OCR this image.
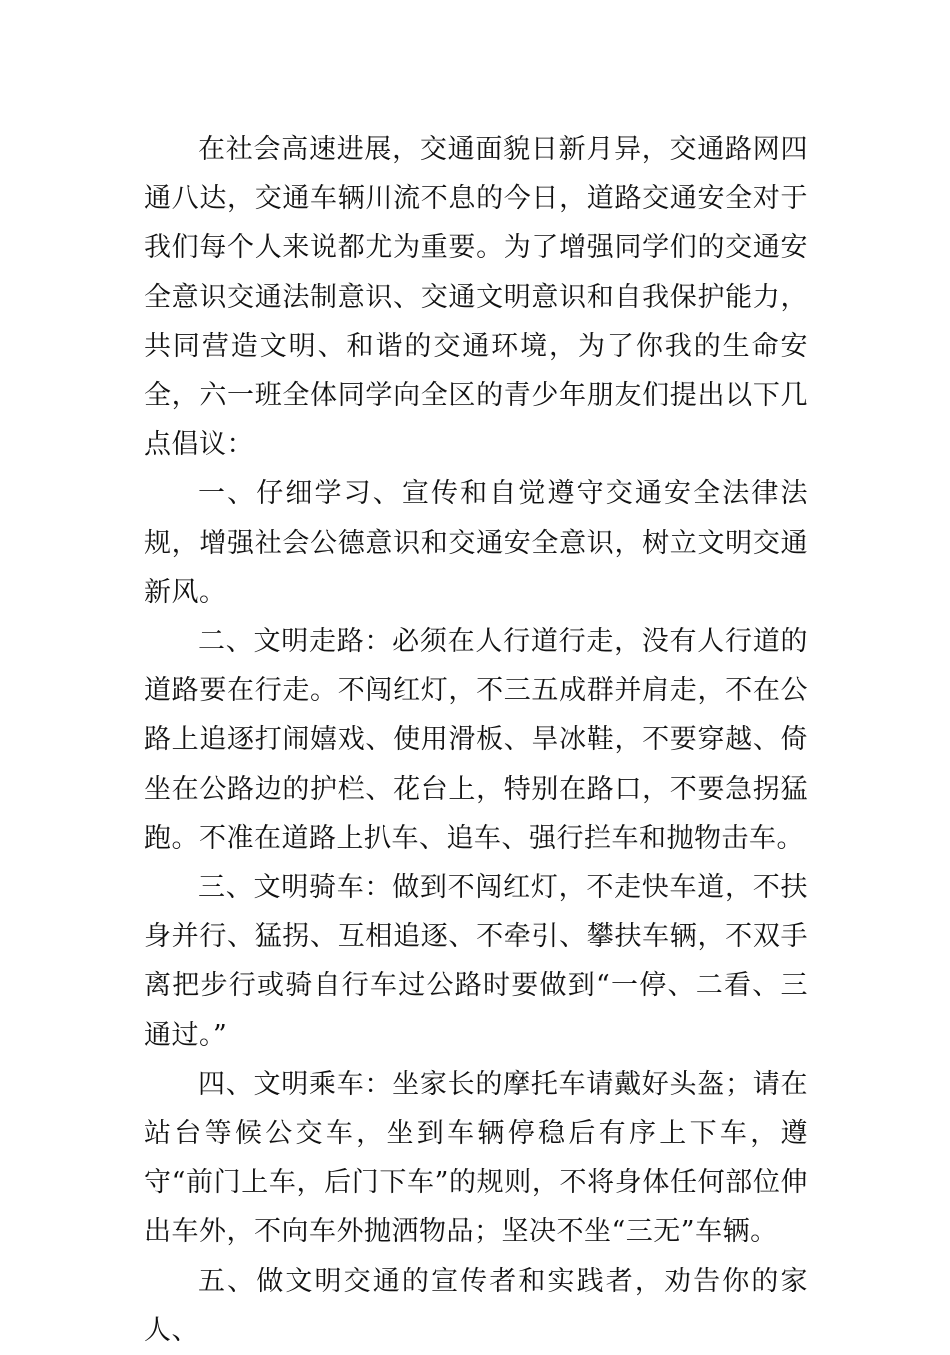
在社会高速进展，交通面貌日新月异，交通路网四通八达，交通车辆川流不息的今日，道路交通安全对于我们每个人来说都尤为重要。为了增强同学们的交通安全意识交通法制意识、交通文明意识和自我保护能力，共同营造文明、和谐的交通环境，为了你我的生命安全，六一班全体同学向全区的青少年朋友们提出以下几点倡议：

一、仔细学习、宣传和自觉遵守交通安全法律法规，增强社会公德意识和交通安全意识，树立文明交通新风。

二、文明走路：必须在人行道行走，没有人行道的道路要在行走。不闯红灯，不三五成群并肩走，不在公路上追逐打闹嬉戏、使用滑板、旱冰鞋，不要穿越、倚坐在公路边的护栏、花台上，特别在路口，不要急拐猛跑。不准在道路上扒车、追车、强行拦车和抛物击车。

三、文明骑车：做到不闯红灯，不走快车道，不扶身并行、猛拐、互相追逐、不牵引、攀扶车辆，不双手离把步行或骑自行车过公路时要做到“一停、二看、三通过。”

四、文明乘车：坐家长的摩托车请戴好头盔；请在站台等候公交车，坐到车辆停稳后有序上下车，遵守“前门上车，后门下车”的规则，不将身体任何部位伸出车外，不向车外抛洒物品；坚决不坐“三无”车辆。

五、做文明交通的宣传者和实践者，劝告你的家人、
